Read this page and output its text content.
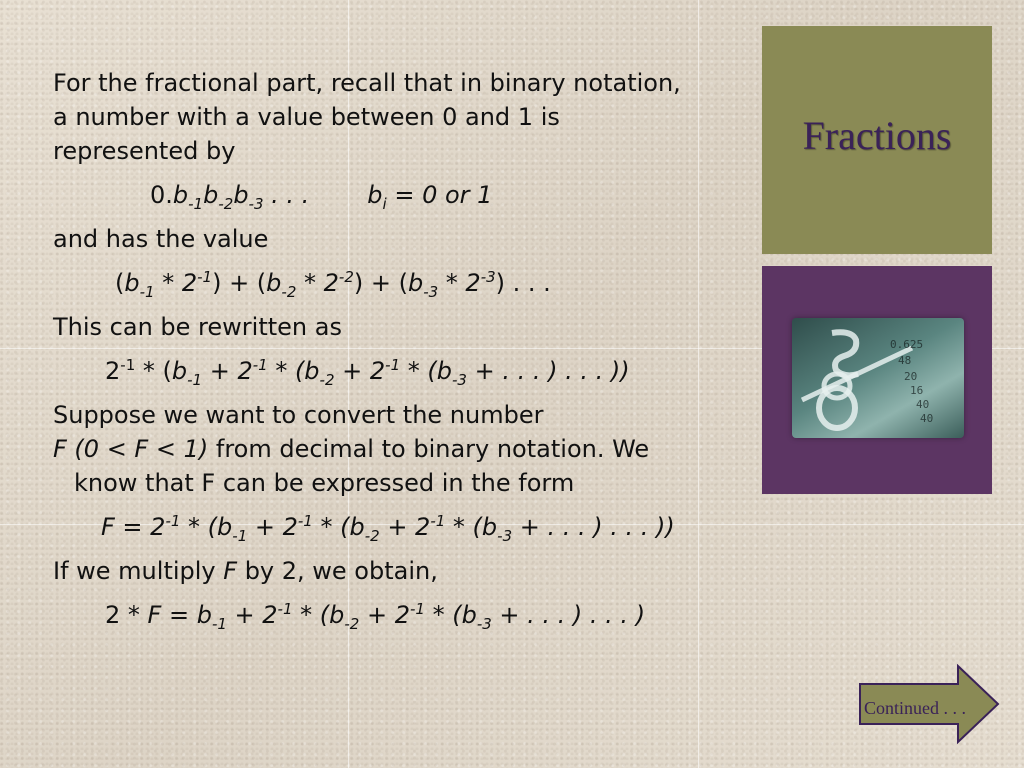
Fractions
0.625
48
20
16
40
40

For the fractional part, recall that in binary notation,

a number with a value between 0 and 1 is

represented by

$0.b_{-1}b_{-2}b_{-3}$ . . . $b_i = 0$ or 1

and has the value

$(b_{-1} * 2^{-1}) + (b_{-2} * 2^{-2}) + (b_{-3} * 2^{-3})$ . . .

This can be rewritten as

$2^{-1} * (b_{-1} + 2^{-1} * (b_{-2} + 2^{-1} * (b_{-3}$ + . . . ) . . . ))

Suppose we want to convert the number

F (0 < F < 1) from decimal to binary notation. We

know that F can be expressed in the form

$F = 2^{-1} * (b_{-1} + 2^{-1} * (b_{-2} + 2^{-1} * (b_{-3}$ + . . . ) . . . ))

If we multiply F by 2, we obtain,

$2 * F = b_{-1} + 2^{-1} * (b_{-2} + 2^{-1} * (b_{-3}$ + . . . ) . . . )

Continued . . .
